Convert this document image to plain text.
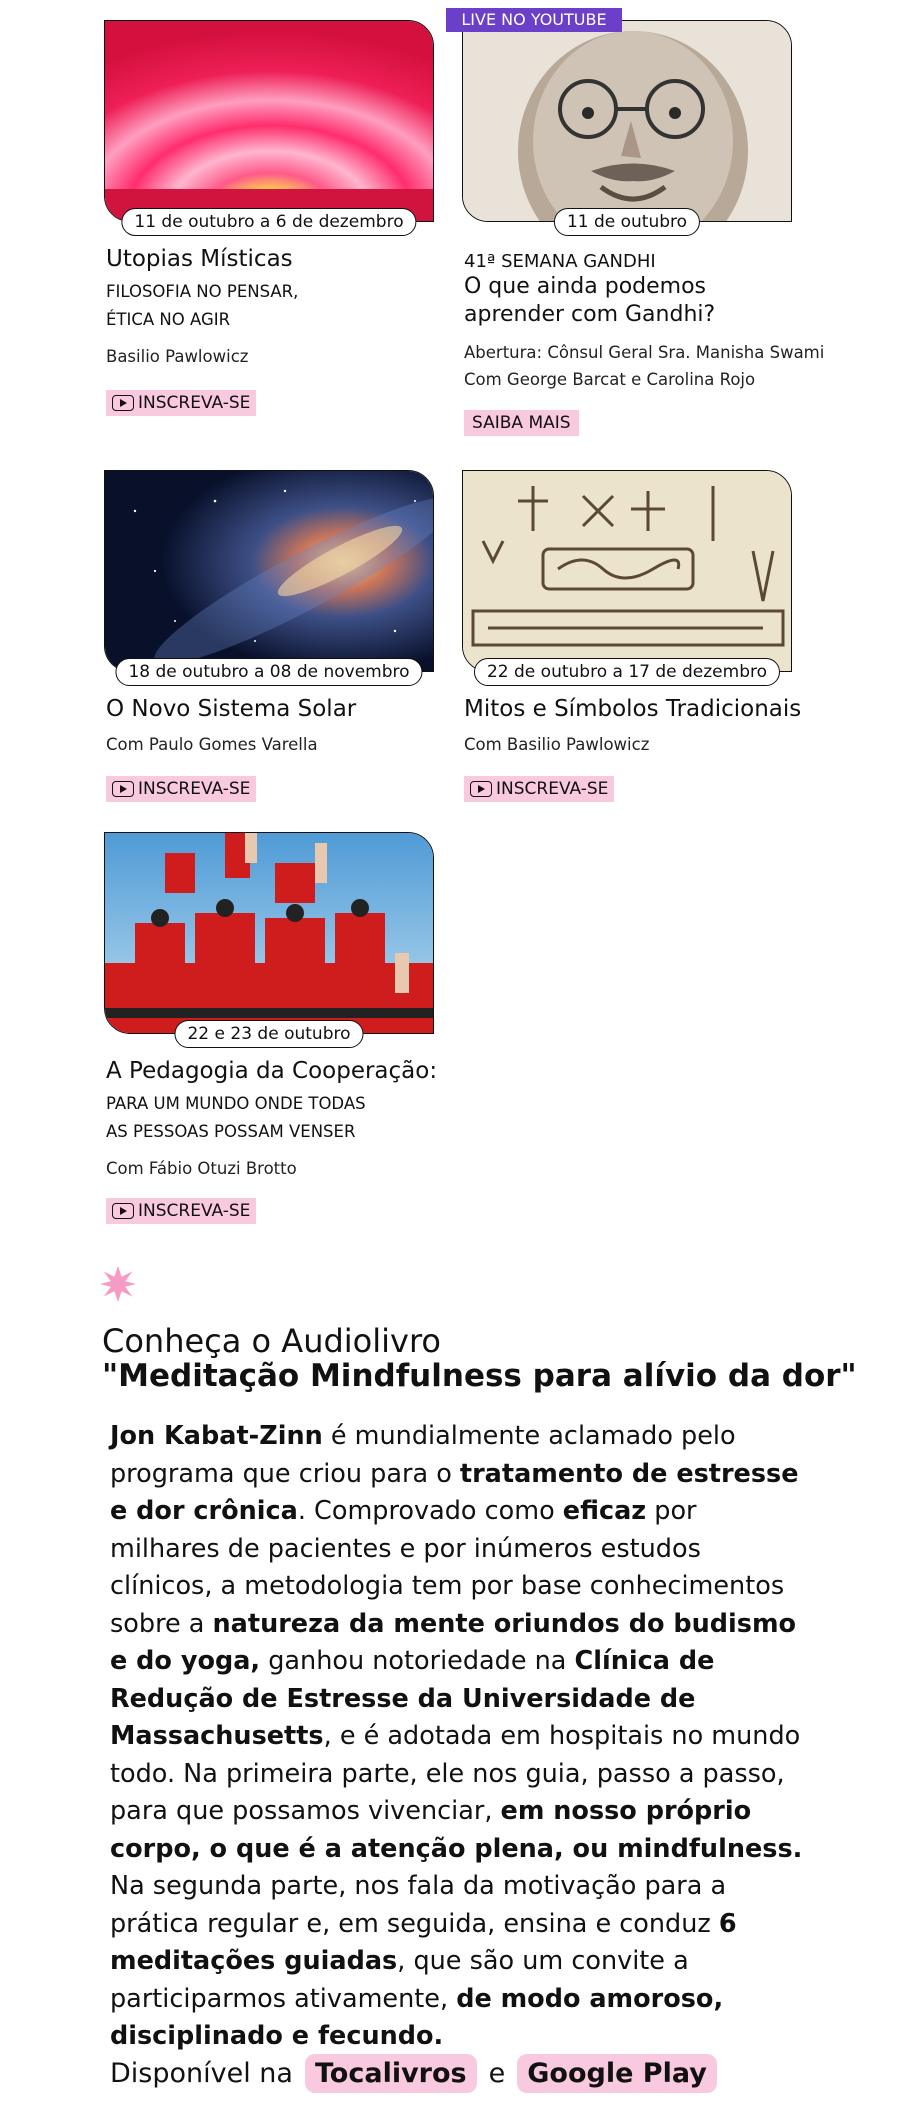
11 de outubro a 6 de dezembro
Utopias Místicas
FILOSOFIA NO PENSAR,
ÉTICA NO AGIR
Basilio Pawlowicz
INSCREVA-SE
LIVE NO YOUTUBE
11 de outubro
41ª SEMANA GANDHI
O que ainda podemos
aprender com Gandhi?
Abertura: Cônsul Geral Sra. Manisha Swami
Com George Barcat e Carolina Rojo
SAIBA MAIS
18 de outubro a 08 de novembro
O Novo Sistema Solar
Com Paulo Gomes Varella
INSCREVA-SE
22 de outubro a 17 de dezembro
Mitos e Símbolos Tradicionais
Com Basilio Pawlowicz
INSCREVA-SE
22 e 23 de outubro
A Pedagogia da Cooperação:
PARA UM MUNDO ONDE TODAS
AS PESSOAS POSSAM VENSER
Com Fábio Otuzi Brotto
INSCREVA-SE
Conheça o Audiolivro
"Meditação Mindfulness para alívio da dor"
Jon Kabat-Zinn é mundialmente aclamado pelo programa que criou para o tratamento de estresse e dor crônica. Comprovado como eficaz por milhares de pacientes e por inúmeros estudos clínicos, a metodologia tem por base conhecimentos sobre a natureza da mente oriundos do budismo e do yoga, ganhou notoriedade na Clínica de Redução de Estresse da Universidade de Massachusetts, e é adotada em hospitais no mundo todo. Na primeira parte, ele nos guia, passo a passo, para que possamos vivenciar, em nosso próprio corpo, o que é a atenção plena, ou mindfulness. Na segunda parte, nos fala da motivação para a prática regular e, em seguida, ensina e conduz 6 meditações guiadas, que são um convite a participarmos ativamente, de modo amoroso, disciplinado e fecundo.
Disponível na Tocalivros e Google Play
